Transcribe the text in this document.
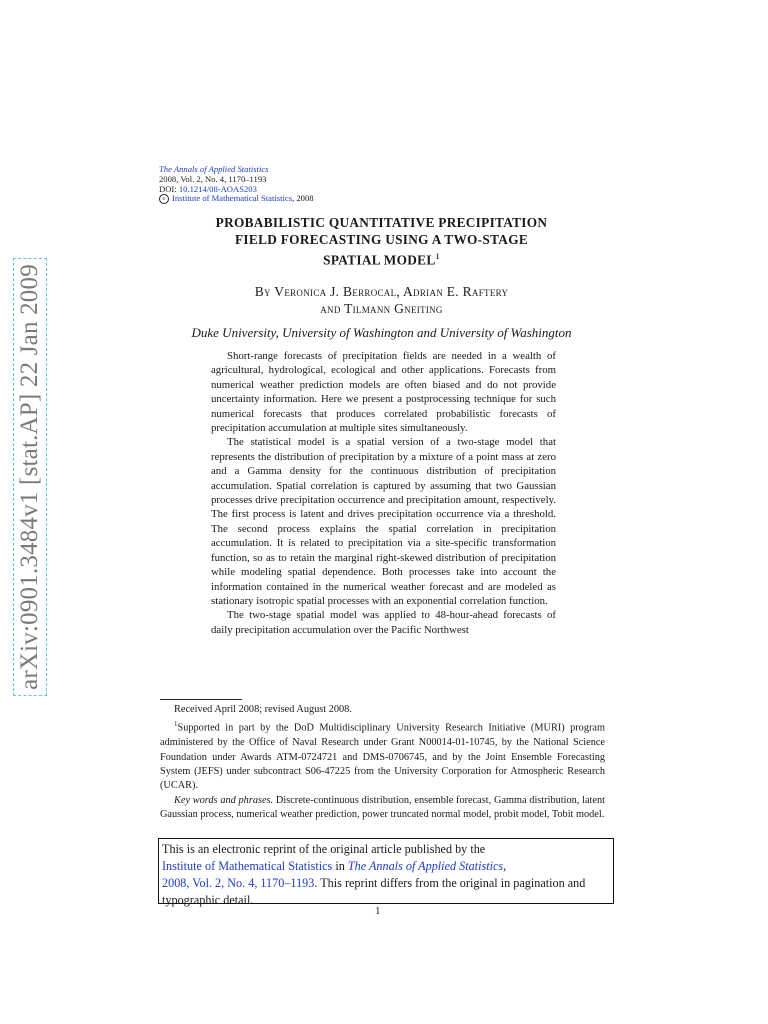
arXiv:0901.3484v1 [stat.AP] 22 Jan 2009
The Annals of Applied Statistics
2008, Vol. 2, No. 4, 1170–1193
DOI: 10.1214/08-AOAS203
c Institute of Mathematical Statistics, 2008
PROBABILISTIC QUANTITATIVE PRECIPITATION
FIELD FORECASTING USING A TWO-STAGE
SPATIAL MODEL$^1$
By Veronica J. Berrocal, Adrian E. Raftery
and Tilmann Gneiting
Duke University, University of Washington and University of Washington

Short-range forecasts of precipitation fields are needed in a wealth of agricultural, hydrological, ecological and other applications. Forecasts from numerical weather prediction models are often biased and do not provide uncertainty information. Here we present a postprocessing technique for such numerical forecasts that produces correlated probabilistic forecasts of precipitation accumulation at multiple sites simultaneously.

The statistical model is a spatial version of a two-stage model that represents the distribution of precipitation by a mixture of a point mass at zero and a Gamma density for the continuous distribution of precipitation accumulation. Spatial correlation is captured by assuming that two Gaussian processes drive precipitation occurrence and precipitation amount, respectively. The first process is latent and drives precipitation occurrence via a threshold. The second process explains the spatial correlation in precipitation accumulation. It is related to precipitation via a site-specific transformation function, so as to retain the marginal right-skewed distribution of precipitation while modeling spatial dependence. Both processes take into account the information contained in the numerical weather forecast and are modeled as stationary isotropic spatial processes with an exponential correlation function.

The two-stage spatial model was applied to 48-hour-ahead forecasts of daily precipitation accumulation over the Pacific Northwest

Received April 2008; revised August 2008.

$^1$Supported in part by the DoD Multidisciplinary University Research Initiative (MURI) program administered by the Office of Naval Research under Grant N00014-01-10745, by the National Science Foundation under Awards ATM-0724721 and DMS-0706745, and by the Joint Ensemble Forecasting System (JEFS) under subcontract S06-47225 from the University Corporation for Atmospheric Research (UCAR).

Key words and phrases. Discrete-continuous distribution, ensemble forecast, Gamma distribution, latent Gaussian process, numerical weather prediction, power truncated normal model, probit model, Tobit model.

This is an electronic reprint of the original article published by the
Institute of Mathematical Statistics in The Annals of Applied Statistics,
2008, Vol. 2, No. 4, 1170–1193. This reprint differs from the original in pagination and typographic detail.
1
